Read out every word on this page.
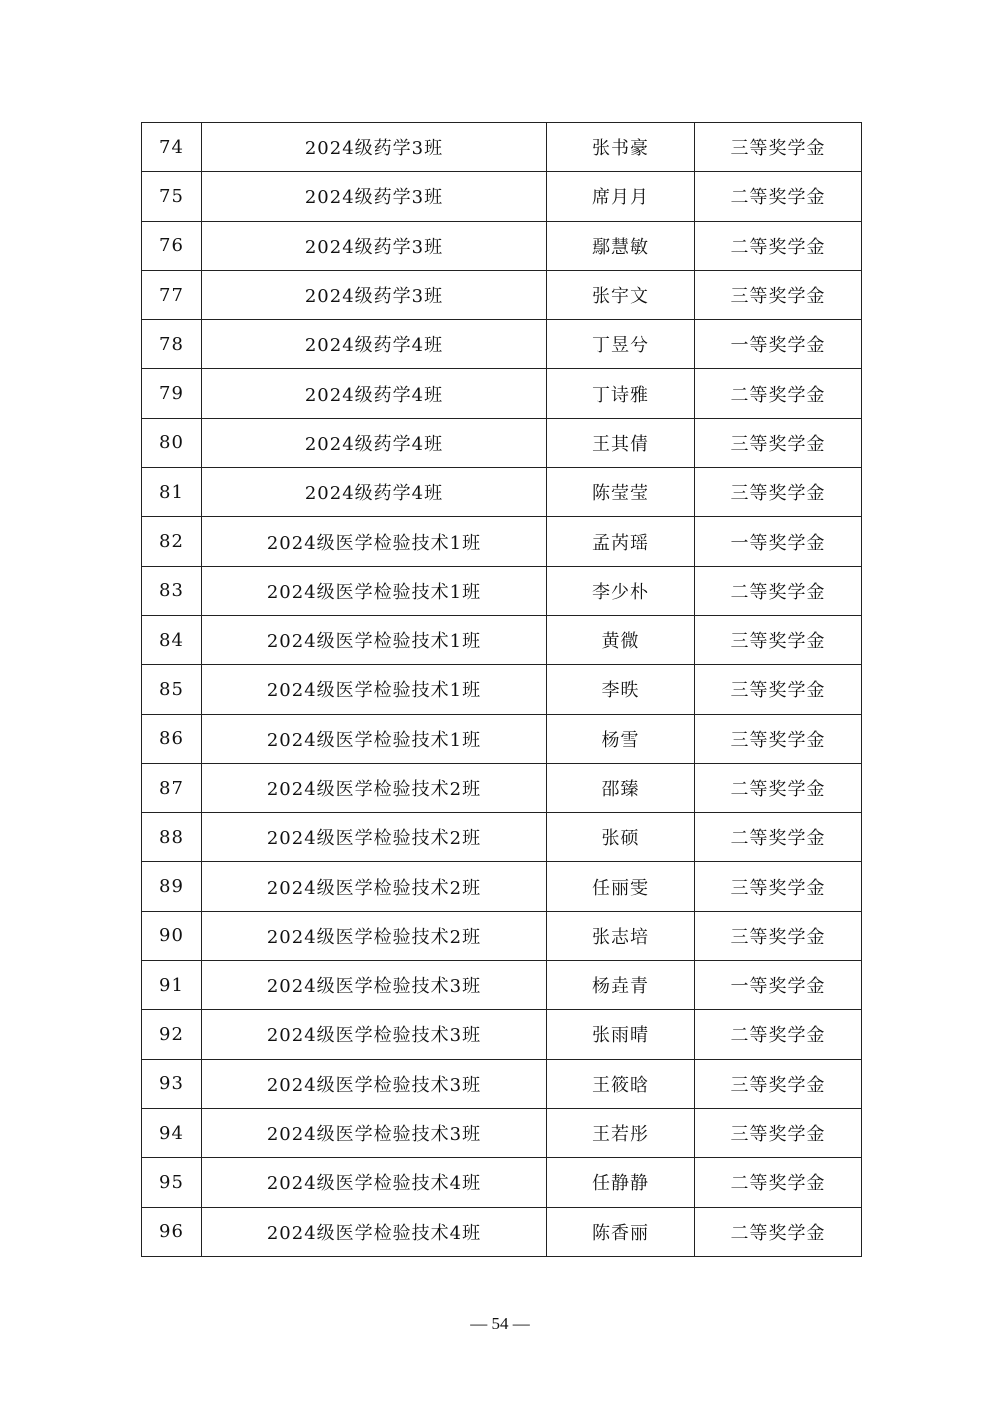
74	2024级药学3班	张书豪	三等奖学金
75	2024级药学3班	席月月	二等奖学金
76	2024级药学3班	鄢慧敏	二等奖学金
77	2024级药学3班	张宇文	三等奖学金
78	2024级药学4班	丁昱兮	一等奖学金
79	2024级药学4班	丁诗雅	二等奖学金
80	2024级药学4班	王其倩	三等奖学金
81	2024级药学4班	陈莹莹	三等奖学金
82	2024级医学检验技术1班	孟芮瑶	一等奖学金
83	2024级医学检验技术1班	李少朴	二等奖学金
84	2024级医学检验技术1班	黄微	三等奖学金
85	2024级医学检验技术1班	李昳	三等奖学金
86	2024级医学检验技术1班	杨雪	三等奖学金
87	2024级医学检验技术2班	邵臻	二等奖学金
88	2024级医学检验技术2班	张硕	二等奖学金
89	2024级医学检验技术2班	任丽雯	三等奖学金
90	2024级医学检验技术2班	张志培	三等奖学金
91	2024级医学检验技术3班	杨垚青	一等奖学金
92	2024级医学检验技术3班	张雨晴	二等奖学金
93	2024级医学检验技术3班	王筱晗	三等奖学金
94	2024级医学检验技术3班	王若彤	三等奖学金
95	2024级医学检验技术4班	任静静	二等奖学金
96	2024级医学检验技术4班	陈香丽	二等奖学金
— 54 —
